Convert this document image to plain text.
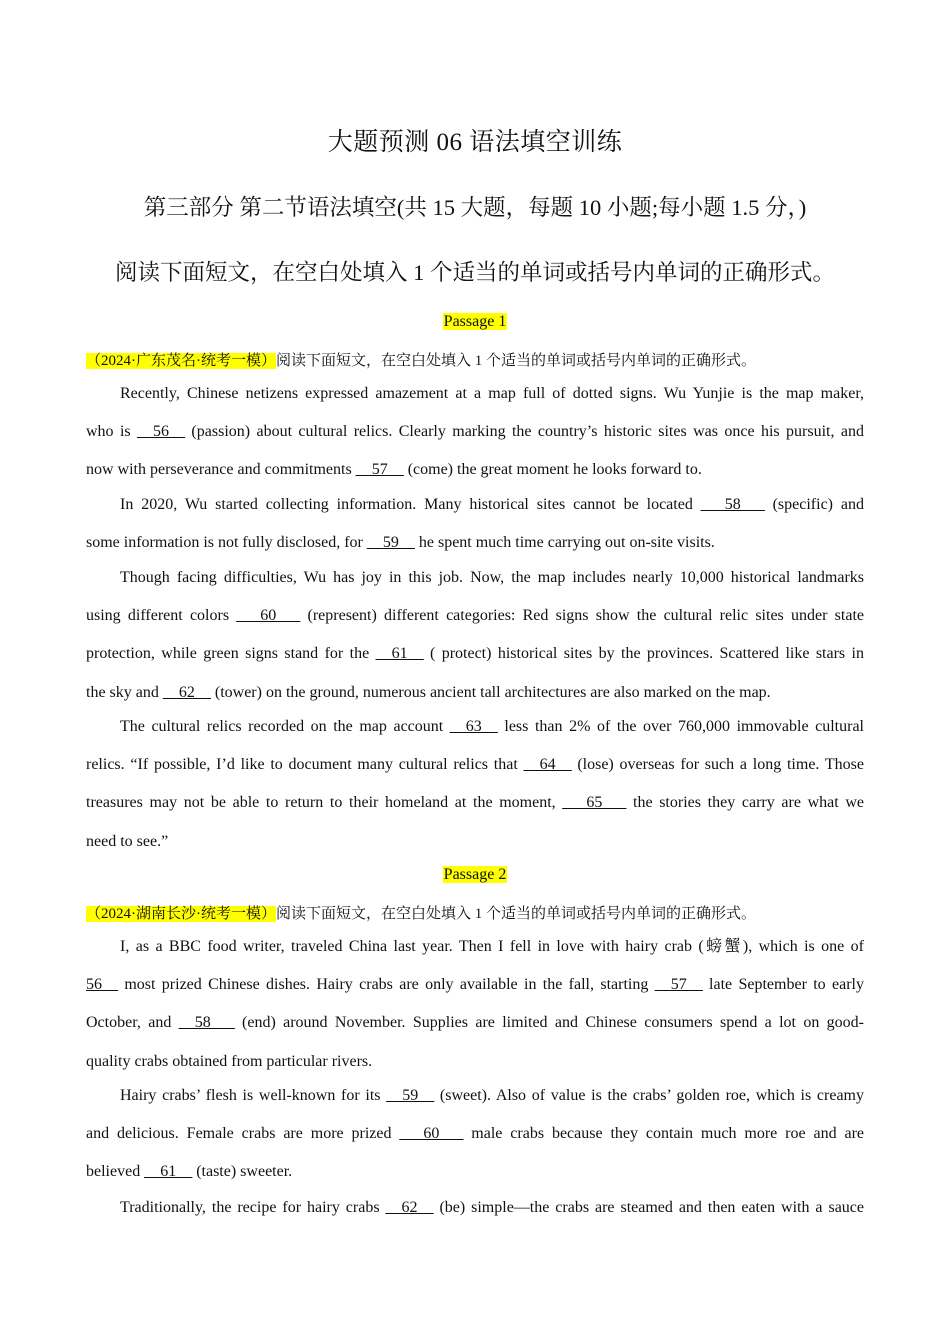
大题预测 06 语法填空训练
第三部分 第二节语法填空(共 15 大题，每题 10 小题;每小题 1.5 分，)
阅读下面短文，在空白处填入 1 个适当的单词或括号内单词的正确形式。
Passage 1
（2024·广东茂名·统考一模）阅读下面短文，在空白处填入 1 个适当的单词或括号内单词的正确形式。
Recently, Chinese netizens expressed amazement at a map full of dotted signs. Wu Yunjie is the map maker,
who is __56__ (passion) about cultural relics. Clearly marking the country’s historic sites was once his pursuit, and
now with perseverance and commitments __57__ (come) the great moment he looks forward to.
In 2020, Wu started collecting information. Many historical sites cannot be located ___58___ (specific) and
some information is not fully disclosed, for __59__ he spent much time carrying out on-site visits.
Though facing difficulties, Wu has joy in this job. Now, the map includes nearly 10,000 historical landmarks
using different colors ___60___ (represent) different categories: Red signs show the cultural relic sites under state
protection, while green signs stand for the __61__ ( protect) historical sites by the provinces. Scattered like stars in
the sky and __62__ (tower) on the ground, numerous ancient tall architectures are also marked on the map.
The cultural relics recorded on the map account __63__ less than 2% of the over 760,000 immovable cultural
relics. “If possible, I’d like to document many cultural relics that __64__ (lose) overseas for such a long time. Those
treasures may not be able to return to their homeland at the moment, ___65___ the stories they carry are what we
need to see.”
Passage 2
（2024·湖南长沙·统考一模）阅读下面短文，在空白处填入 1 个适当的单词或括号内单词的正确形式。
I, as a BBC food writer, traveled China last year. Then I fell in love with hairy crab (螃蟹), which is one of
56__ most prized Chinese dishes. Hairy crabs are only available in the fall, starting __57__ late September to early
October, and __58___ (end) around November. Supplies are limited and Chinese consumers spend a lot on good-
quality crabs obtained from particular rivers.
Hairy crabs’ flesh is well-known for its __59__ (sweet). Also of value is the crabs’ golden roe, which is creamy
and delicious. Female crabs are more prized ___60___ male crabs because they contain much more roe and are
believed __61__ (taste) sweeter.
Traditionally, the recipe for hairy crabs __62__ (be) simple—the crabs are steamed and then eaten with a sauce
